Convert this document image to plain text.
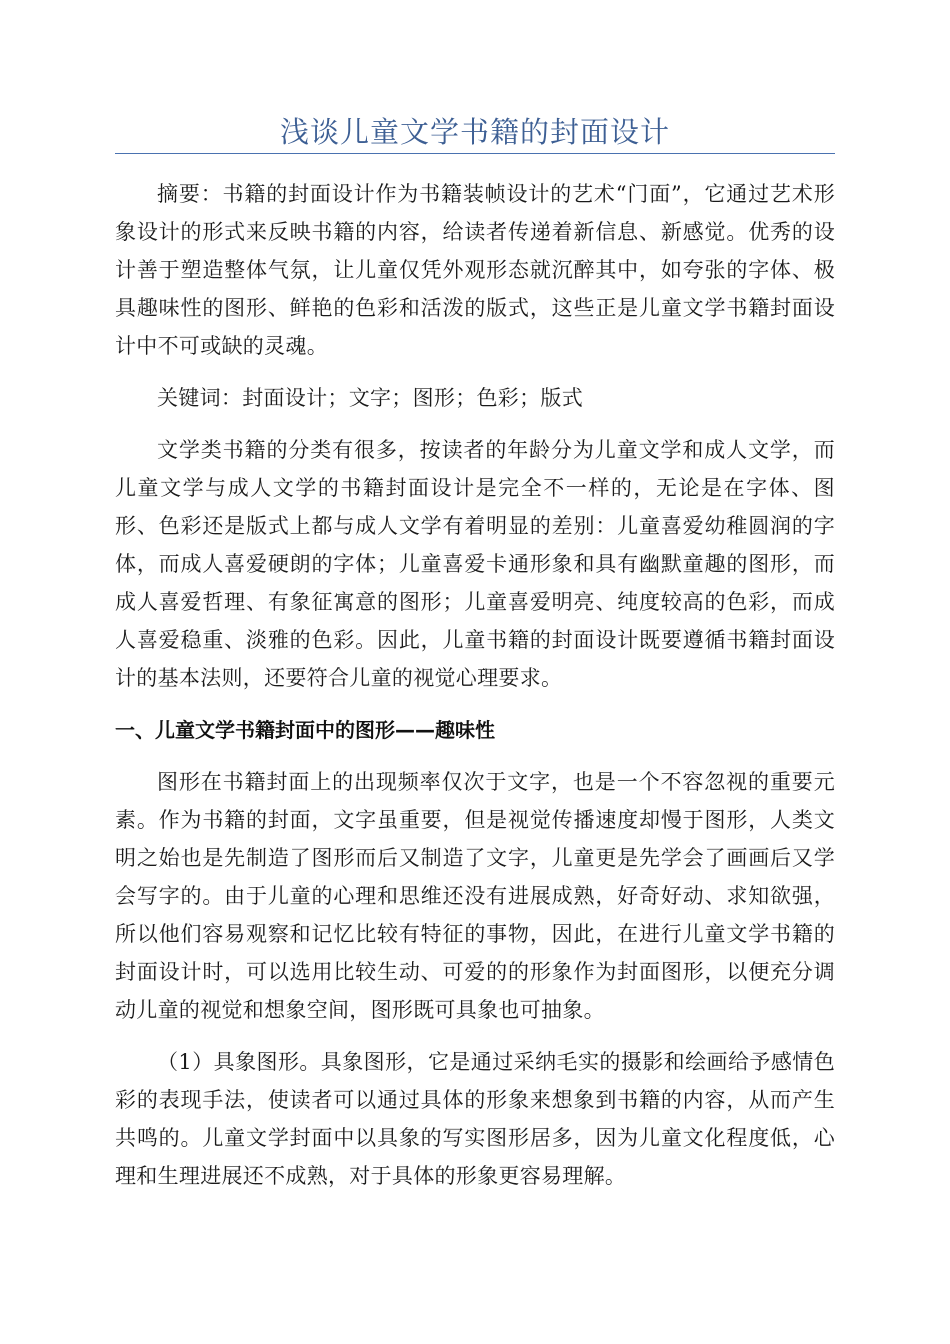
浅谈儿童文学书籍的封面设计

摘要：书籍的封面设计作为书籍装帧设计的艺术“门面”，它通过艺术形象设计的形式来反映书籍的内容，给读者传递着新信息、新感觉。优秀的设计善于塑造整体气氛，让儿童仅凭外观形态就沉醉其中，如夸张的字体、极具趣味性的图形、鲜艳的色彩和活泼的版式，这些正是儿童文学书籍封面设计中不可或缺的灵魂。

关键词：封面设计；文字；图形；色彩；版式

文学类书籍的分类有很多，按读者的年龄分为儿童文学和成人文学，而儿童文学与成人文学的书籍封面设计是完全不一样的，无论是在字体、图形、色彩还是版式上都与成人文学有着明显的差别：儿童喜爱幼稚圆润的字体，而成人喜爱硬朗的字体；儿童喜爱卡通形象和具有幽默童趣的图形，而成人喜爱哲理、有象征寓意的图形；儿童喜爱明亮、纯度较高的色彩，而成人喜爱稳重、淡雅的色彩。因此，儿童书籍的封面设计既要遵循书籍封面设计的基本法则，还要符合儿童的视觉心理要求。

一、儿童文学书籍封面中的图形——趣味性

图形在书籍封面上的出现频率仅次于文字，也是一个不容忽视的重要元素。作为书籍的封面，文字虽重要，但是视觉传播速度却慢于图形，人类文明之始也是先制造了图形而后又制造了文字，儿童更是先学会了画画后又学会写字的。由于儿童的心理和思维还没有进展成熟，好奇好动、求知欲强，所以他们容易观察和记忆比较有特征的事物，因此，在进行儿童文学书籍的封面设计时，可以选用比较生动、可爱的的形象作为封面图形，以便充分调动儿童的视觉和想象空间，图形既可具象也可抽象。

（1）具象图形。具象图形，它是通过采纳毛实的摄影和绘画给予感情色彩的表现手法，使读者可以通过具体的形象来想象到书籍的内容，从而产生共鸣的。儿童文学封面中以具象的写实图形居多，因为儿童文化程度低，心理和生理进展还不成熟，对于具体的形象更容易理解。
